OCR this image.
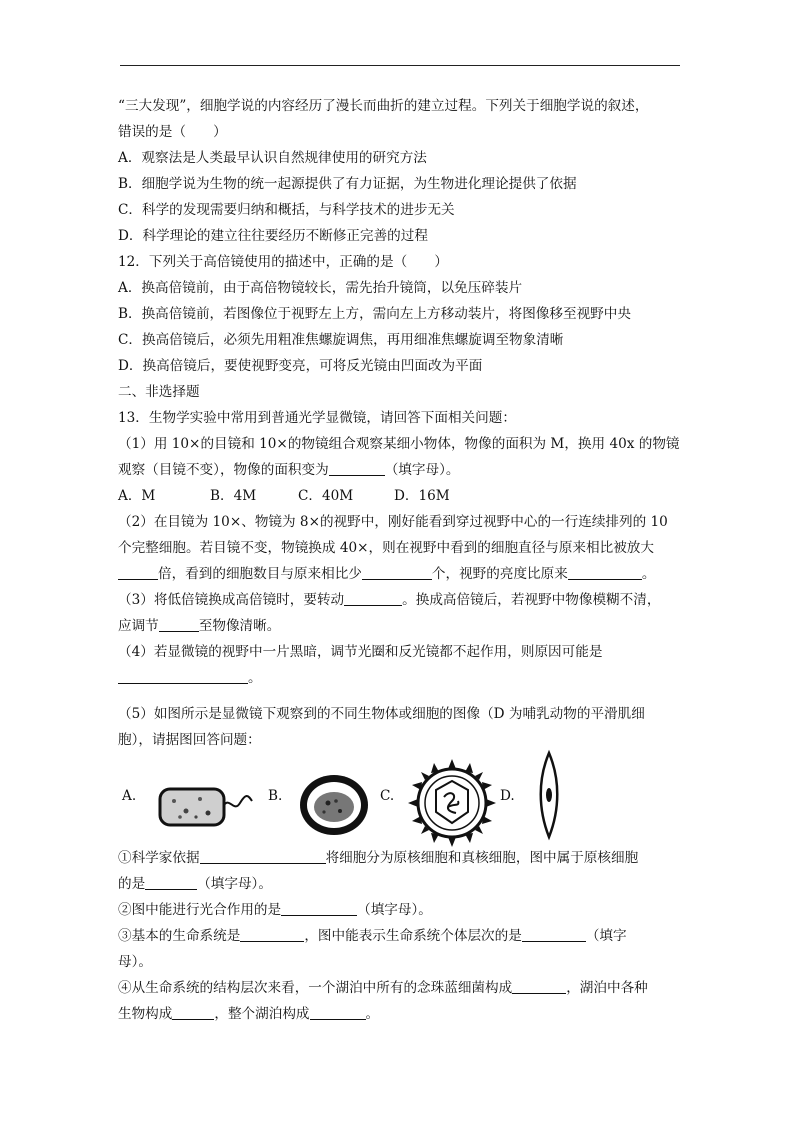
“三大发现”，细胞学说的内容经历了漫长而曲折的建立过程。下列关于细胞学说的叙述，
错误的是（　　）
A．观察法是人类最早认识自然规律使用的研究方法
B．细胞学说为生物的统一起源提供了有力证据，为生物进化理论提供了依据
C．科学的发现需要归纳和概括，与科学技术的进步无关
D．科学理论的建立往往要经历不断修正完善的过程
12．下列关于高倍镜使用的描述中，正确的是（　　）
A．换高倍镜前，由于高倍物镜较长，需先抬升镜筒，以免压碎装片
B．换高倍镜前，若图像位于视野左上方，需向左上方移动装片，将图像移至视野中央
C．换高倍镜后，必须先用粗准焦螺旋调焦，再用细准焦螺旋调至物象清晰
D．换高倍镜后，要使视野变亮，可将反光镜由凹面改为平面
二、非选择题
13．生物学实验中常用到普通光学显微镜，请回答下面相关问题：
（1）用 10×的目镜和 10×的物镜组合观察某细小物体，物像的面积为 M，换用 40x 的物镜
观察（目镜不变），物像的面积变为	（填字母）。
A．M	B．4M	C．40M	D．16M
（2）在目镜为 10×、物镜为 8×的视野中，刚好能看到穿过视野中心的一行连续排列的 10
个完整细胞。若目镜不变，物镜换成 40×，则在视野中看到的细胞直径与原来相比被放大
倍，看到的细胞数目与原来相比少	个，视野的亮度比原来	。
（3）将低倍镜换成高倍镜时，要转动	。换成高倍镜后，若视野中物像模糊不清，
应调节	至物像清晰。
（4）若显微镜的视野中一片黑暗，调节光圈和反光镜都不起作用，则原因可能是
。
（5）如图所示是显微镜下观察到的不同生物体或细胞的图像（D 为哺乳动物的平滑肌细
胞），请据图回答问题：
A.	B.	C.	D.
①科学家依据	将细胞分为原核细胞和真核细胞，图中属于原核细胞
的是	（填字母）。
②图中能进行光合作用的是	（填字母）。
③基本的生命系统是	，图中能表示生命系统个体层次的是	（填字
母）。
④从生命系统的结构层次来看，一个湖泊中所有的念珠蓝细菌构成	，湖泊中各种
生物构成	，整个湖泊构成	。
